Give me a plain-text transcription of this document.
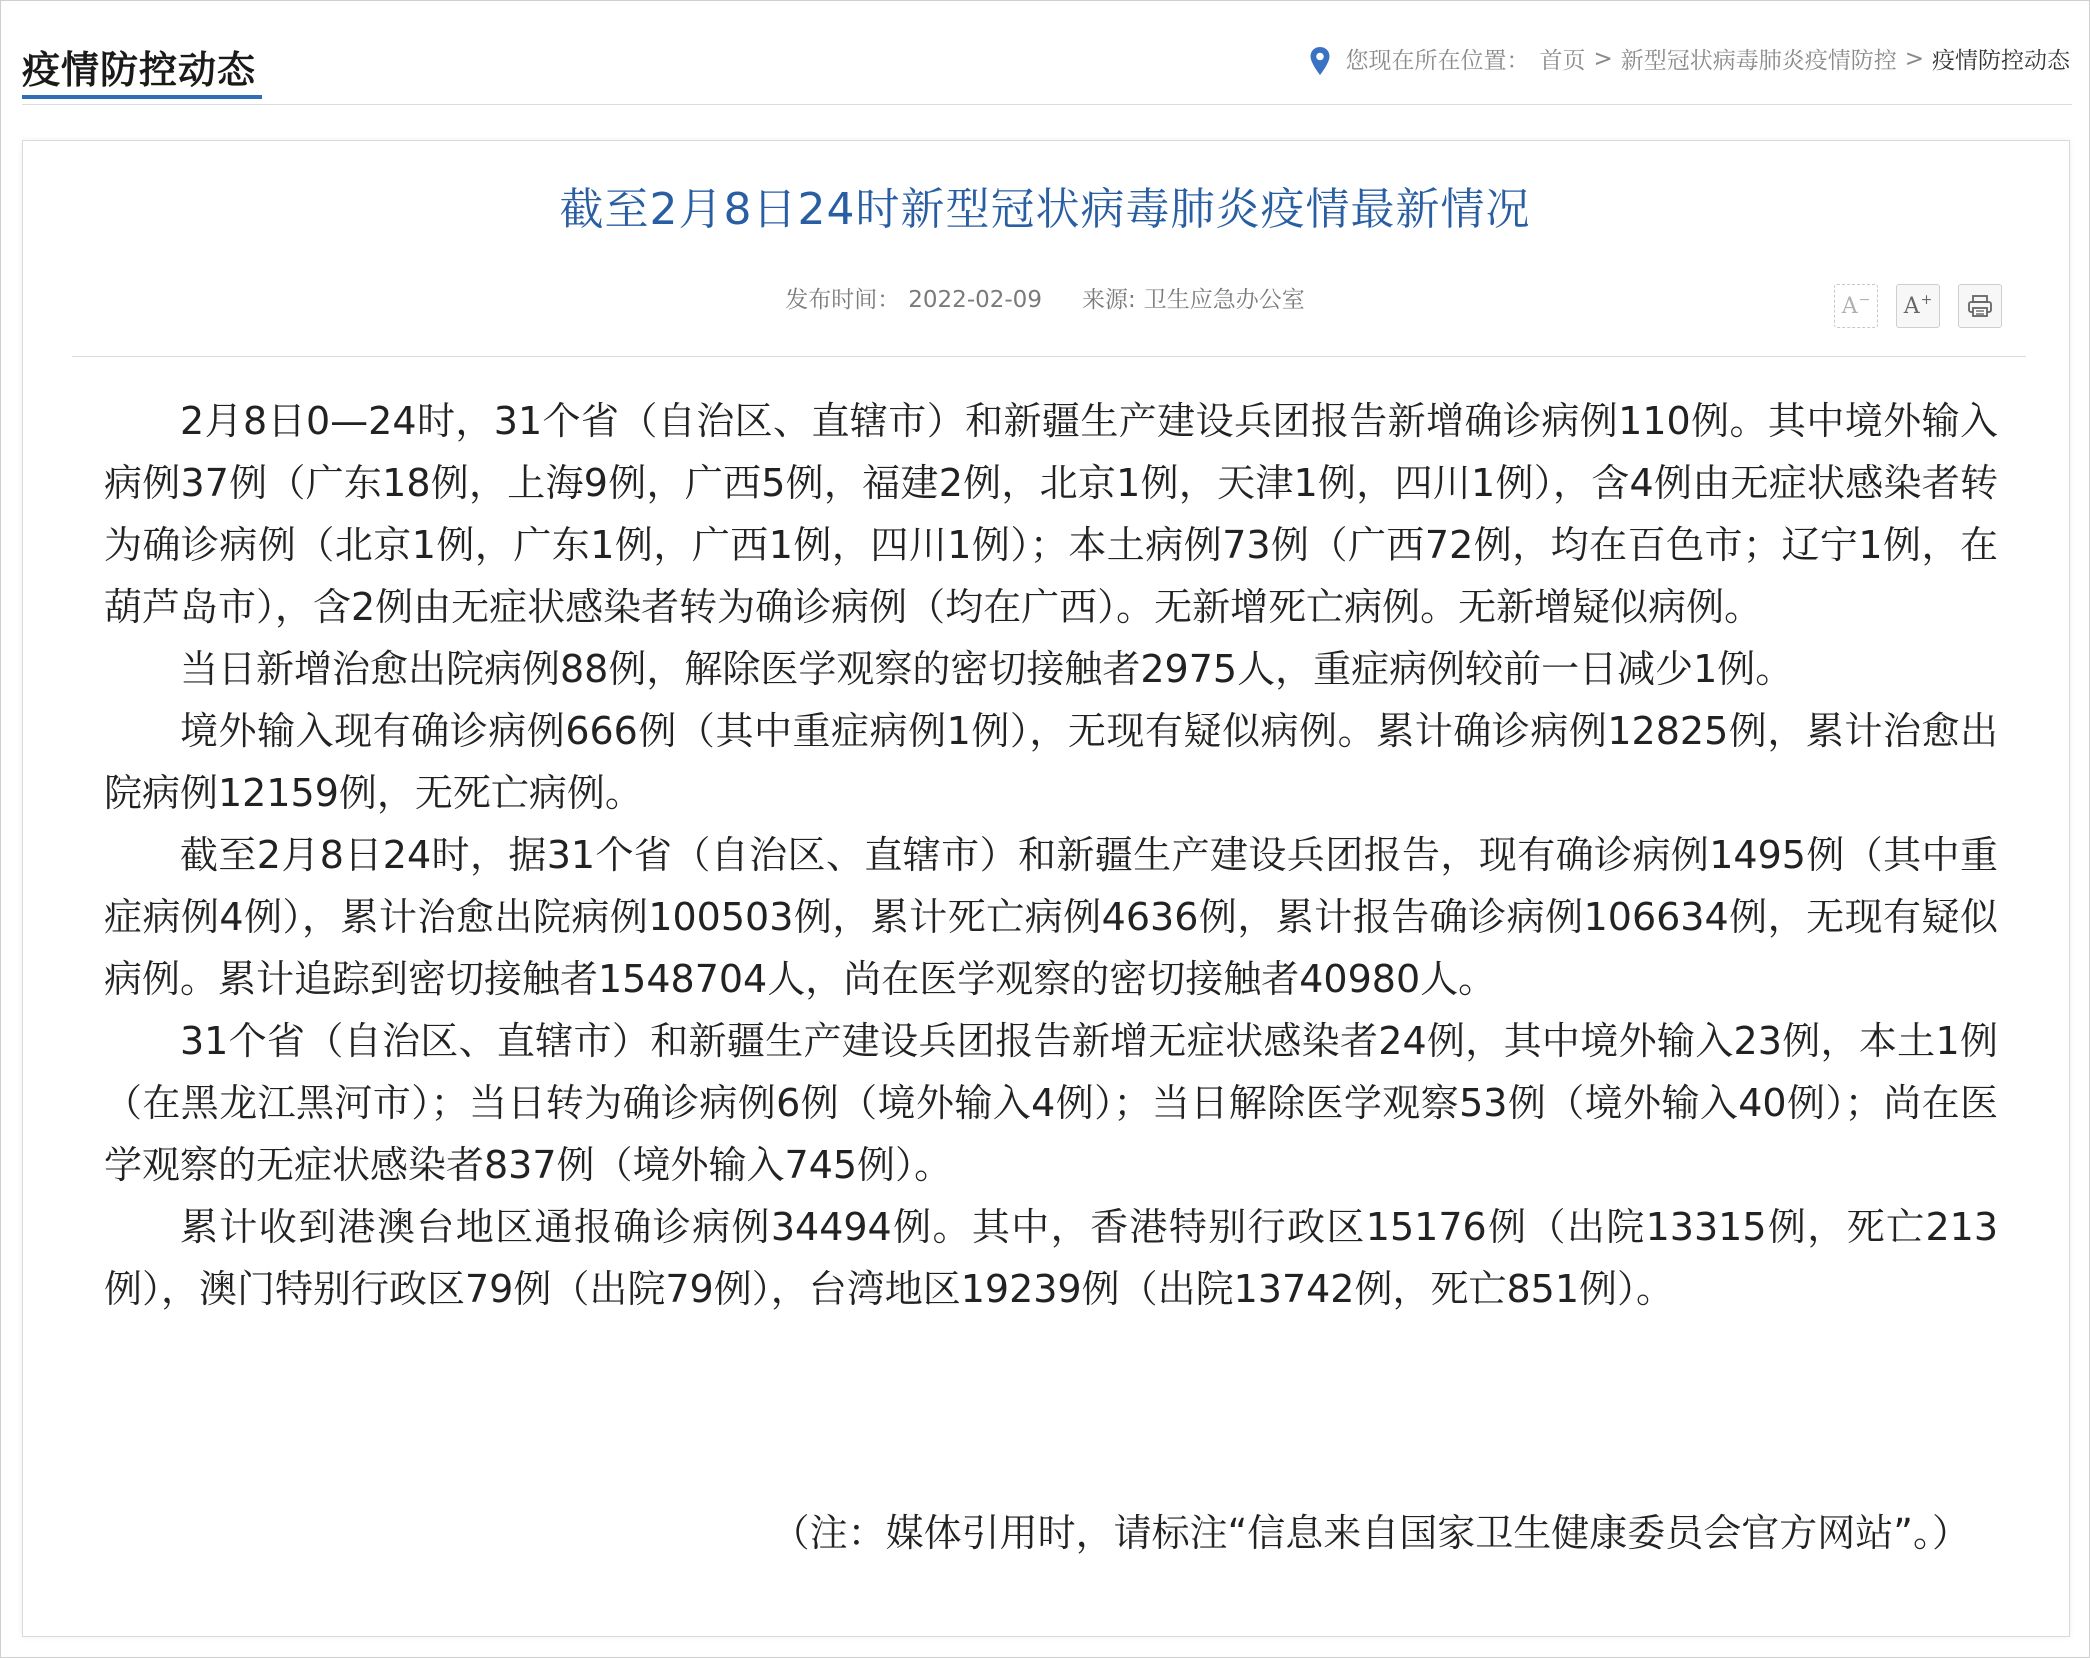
疫情防控动态	您现在所在位置： 首页 > 新型冠状病毒肺炎疫情防控 > 疫情防控动态
截至2月8日24时新型冠状病毒肺炎疫情最新情况
发布时间： 2022-02-09 来源: 卫生应急办公室	A− A+

2月8日0—24时，31个省（自治区、直辖市）和新疆生产建设兵团报告新增确诊病例110例。其中境外输入病例37例（广东18例，上海9例，广西5例，福建2例，北京1例，天津1例，四川1例），含4例由无症状感染者转为确诊病例（北京1例，广东1例，广西1例，四川1例）；本土病例73例（广西72例，均在百色市；辽宁1例，在葫芦岛市），含2例由无症状感染者转为确诊病例（均在广西）。无新增死亡病例。无新增疑似病例。

当日新增治愈出院病例88例，解除医学观察的密切接触者2975人，重症病例较前一日减少1例。

境外输入现有确诊病例666例（其中重症病例1例），无现有疑似病例。累计确诊病例12825例，累计治愈出院病例12159例，无死亡病例。

截至2月8日24时，据31个省（自治区、直辖市）和新疆生产建设兵团报告，现有确诊病例1495例（其中重症病例4例），累计治愈出院病例100503例，累计死亡病例4636例，累计报告确诊病例106634例，无现有疑似病例。累计追踪到密切接触者1548704人，尚在医学观察的密切接触者40980人。

31个省（自治区、直辖市）和新疆生产建设兵团报告新增无症状感染者24例，其中境外输入23例，本土1例（在黑龙江黑河市）；当日转为确诊病例6例（境外输入4例）；当日解除医学观察53例（境外输入40例）；尚在医学观察的无症状感染者837例（境外输入745例）。

累计收到港澳台地区通报确诊病例34494例。其中，香港特别行政区15176例（出院13315例，死亡213例），澳门特别行政区79例（出院79例），台湾地区19239例（出院13742例，死亡851例）。

（注：媒体引用时，请标注“信息来自国家卫生健康委员会官方网站”。）
